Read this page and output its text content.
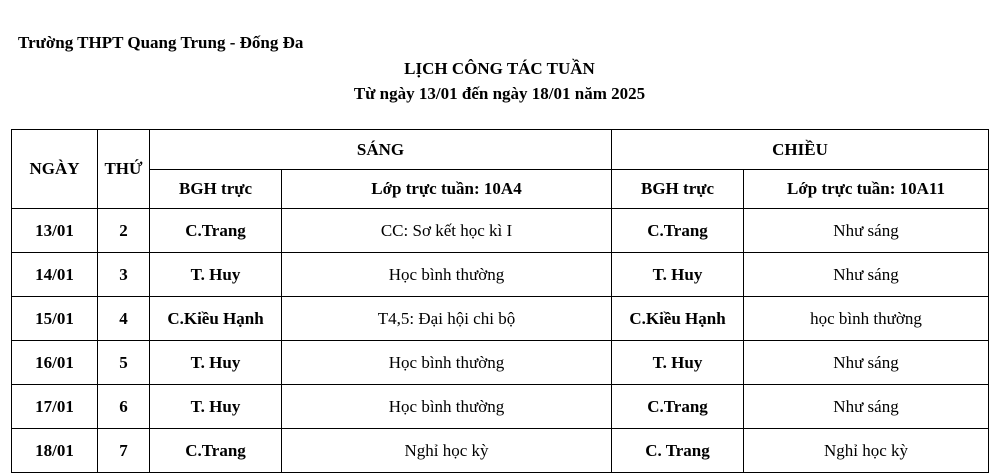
Trường THPT Quang Trung - Đống Đa
LỊCH CÔNG TÁC TUẦN
Từ ngày 13/01 đến ngày 18/01 năm 2025
NGÀY	THỨ	SÁNG		CHIỀU	
		BGH trực	Lớp trực tuần: 10A4	BGH trực	Lớp trực tuần: 10A11
13/01	2	C.Trang	CC: Sơ kết học kì I	C.Trang	Như sáng
14/01	3	T. Huy	Học bình thường	T. Huy	Như sáng
15/01	4	C.Kiều Hạnh	T4,5: Đại hội chi bộ	C.Kiều Hạnh	học bình thường
16/01	5	T. Huy	Học bình thường	T. Huy	Như sáng
17/01	6	T. Huy	Học bình thường	C.Trang	Như sáng
18/01	7	C.Trang	Nghỉ học kỳ	C. Trang	Nghỉ học kỳ
